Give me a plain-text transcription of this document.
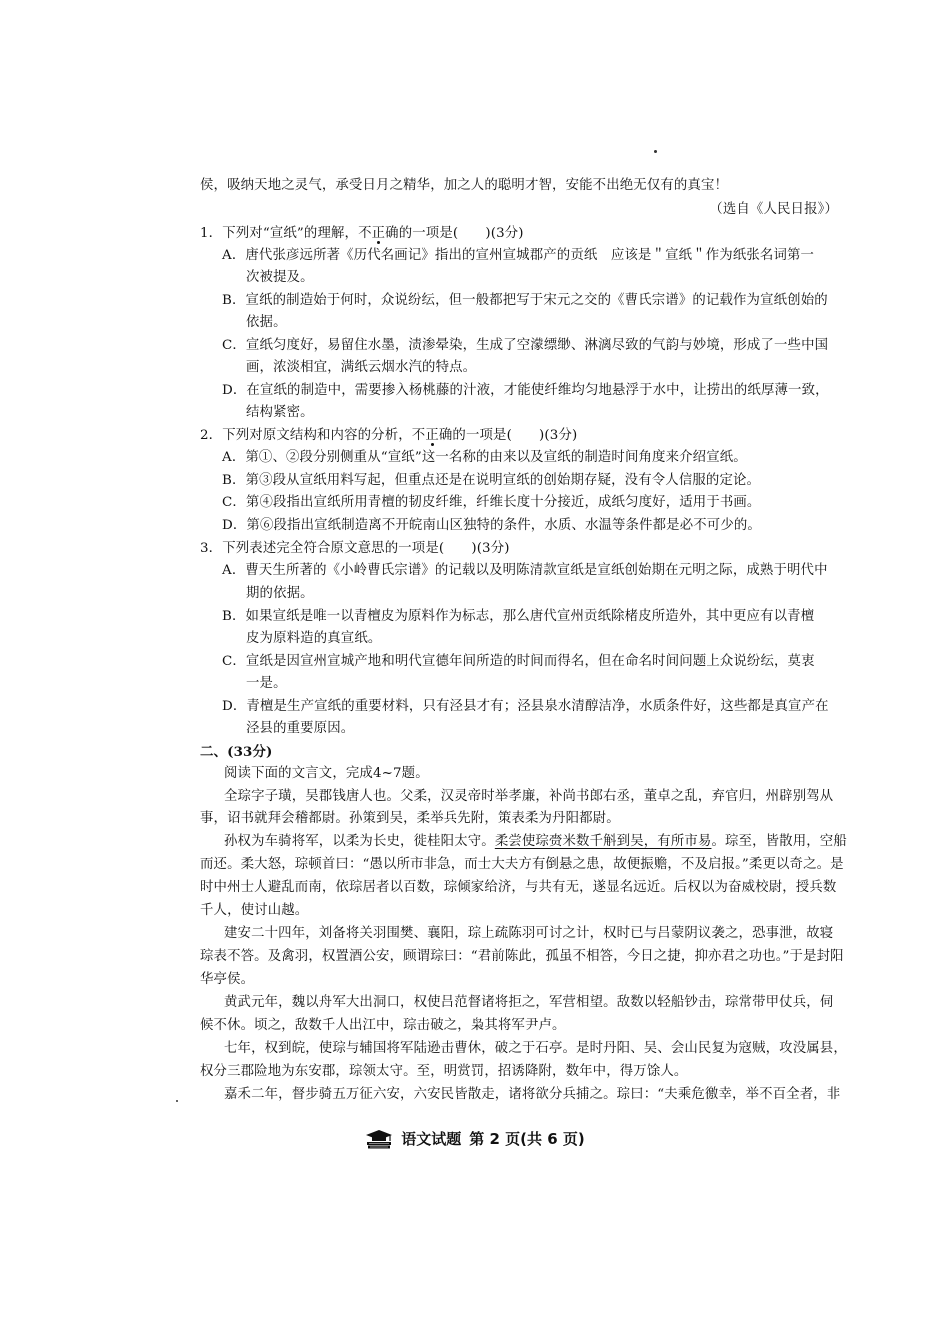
侯，吸纳天地之灵气，承受日月之精华，加之人的聪明才智，安能不出绝无仅有的真宝！
（选自《人民日报》）
1．下列对“宣纸”的理解，不正确的一项是(　　)(3分)
A．唐代张彦远所著《历代名画记》指出的宣州宣城郡产的贡纸　应该是＂宣纸＂作为纸张名词第一
次被提及。
B．宣纸的制造始于何时，众说纷纭，但一般都把写于宋元之交的《曹氏宗谱》的记载作为宣纸创始的
依据。
C．宣纸匀度好，易留住水墨，渍渗晕染，生成了空濛缥缈、淋漓尽致的气韵与妙境，形成了一些中国
画，浓淡相宜，满纸云烟水汽的特点。
D．在宣纸的制造中，需要掺入杨桃藤的汁液，才能使纤维均匀地悬浮于水中，让捞出的纸厚薄一致，
结构紧密。
2．下列对原文结构和内容的分析，不正确的一项是(　　)(3分)
A．第①、②段分别侧重从“宣纸”这一名称的由来以及宣纸的制造时间角度来介绍宣纸。
B．第③段从宣纸用料写起，但重点还是在说明宣纸的创始期存疑，没有令人信服的定论。
C．第④段指出宣纸所用青檀的韧皮纤维，纤维长度十分接近，成纸匀度好，适用于书画。
D．第⑥段指出宣纸制造离不开皖南山区独特的条件，水质、水温等条件都是必不可少的。
3．下列表述完全符合原文意思的一项是(　　)(3分)
A．曹天生所著的《小岭曹氏宗谱》的记载以及明陈清款宣纸是宣纸创始期在元明之际，成熟于明代中
期的依据。
B．如果宣纸是唯一以青檀皮为原料作为标志，那么唐代宣州贡纸除楮皮所造外，其中更应有以青檀
皮为原料造的真宣纸。
C．宣纸是因宣州宣城产地和明代宣德年间所造的时间而得名，但在命名时间问题上众说纷纭，莫衷
一是。
D．青檀是生产宣纸的重要材料，只有泾县才有；泾县泉水清醇洁净，水质条件好，这些都是真宣产在
泾县的重要原因。
二、(33分)
阅读下面的文言文，完成4~7题。
全琮字子璜，吴郡钱唐人也。父柔，汉灵帝时举孝廉，补尚书郎右丞，董卓之乱，弃官归，州辟别驾从
事，诏书就拜会稽都尉。孙策到吴，柔举兵先附，策表柔为丹阳都尉。
孙权为车骑将军，以柔为长史，徙桂阳太守。柔尝使琮赍米数千斛到吴，有所市易。琮至，皆散用，空船
而还。柔大怒，琮顿首曰：“愚以所市非急，而士大夫方有倒悬之患，故便振赡，不及启报。”柔更以奇之。是
时中州士人避乱而南，依琮居者以百数，琮倾家给济，与共有无，遂显名远近。后权以为奋威校尉，授兵数
千人，使讨山越。
建安二十四年，刘备将关羽围樊、襄阳，琮上疏陈羽可讨之计，权时已与吕蒙阴议袭之，恐事泄，故寝
琮表不答。及禽羽，权置酒公安，顾谓琮曰：“君前陈此，孤虽不相答，今日之捷，抑亦君之功也。”于是封阳
华亭侯。
黄武元年，魏以舟军大出洞口，权使吕范督诸将拒之，军营相望。敌数以轻船钞击，琮常带甲仗兵，伺
候不休。顷之，敌数千人出江中，琮击破之，枭其将军尹卢。
七年，权到皖，使琮与辅国将军陆逊击曹休，破之于石亭。是时丹阳、吴、会山民复为寇贼，攻没属县，
权分三郡险地为东安郡，琮领太守。至，明赏罚，招诱降附，数年中，得万馀人。
嘉禾二年，督步骑五万征六安，六安民皆散走，诸将欲分兵捕之。琮曰：“夫乘危徼幸，举不百全者，非
语文试题 第 2 页(共 6 页)
